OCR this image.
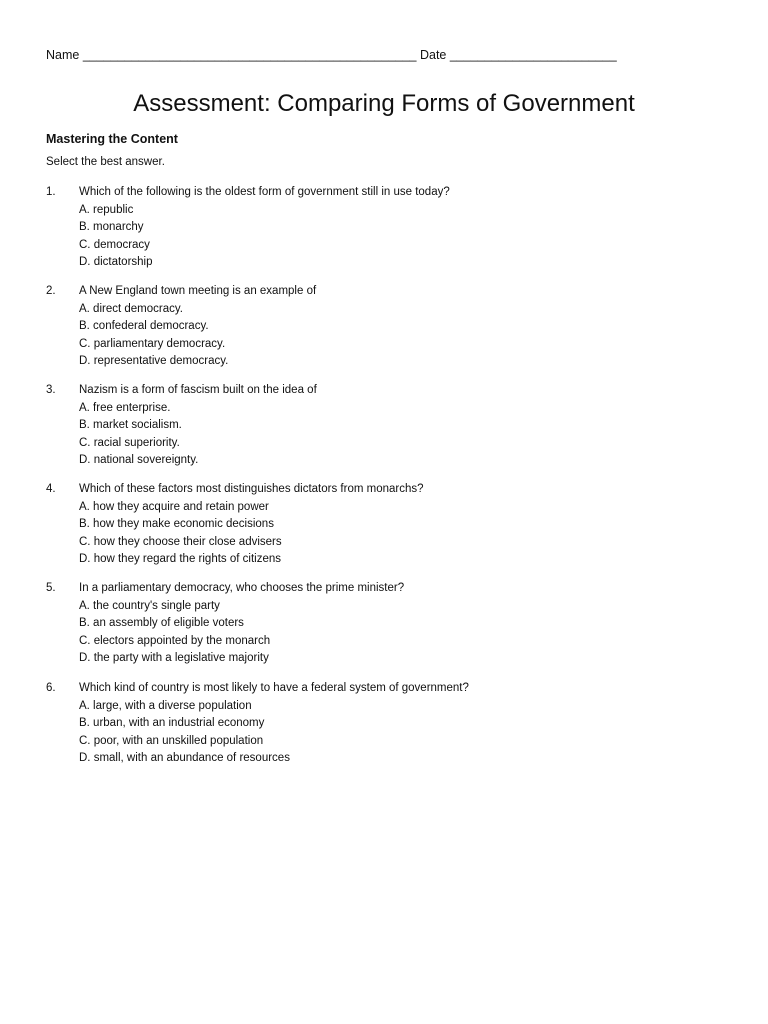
Name ________________________________________________ Date ________________________
Assessment: Comparing Forms of Government
Mastering the Content
Select the best answer.
1. Which of the following is the oldest form of government still in use today?
A. republic
B. monarchy
C. democracy
D. dictatorship
2. A New England town meeting is an example of
A. direct democracy.
B. confederal democracy.
C. parliamentary democracy.
D. representative democracy.
3. Nazism is a form of fascism built on the idea of
A. free enterprise.
B. market socialism.
C. racial superiority.
D. national sovereignty.
4. Which of these factors most distinguishes dictators from monarchs?
A. how they acquire and retain power
B. how they make economic decisions
C. how they choose their close advisers
D. how they regard the rights of citizens
5. In a parliamentary democracy, who chooses the prime minister?
A. the country's single party
B. an assembly of eligible voters
C. electors appointed by the monarch
D. the party with a legislative majority
6. Which kind of country is most likely to have a federal system of government?
A. large, with a diverse population
B. urban, with an industrial economy
C. poor, with an unskilled population
D. small, with an abundance of resources
